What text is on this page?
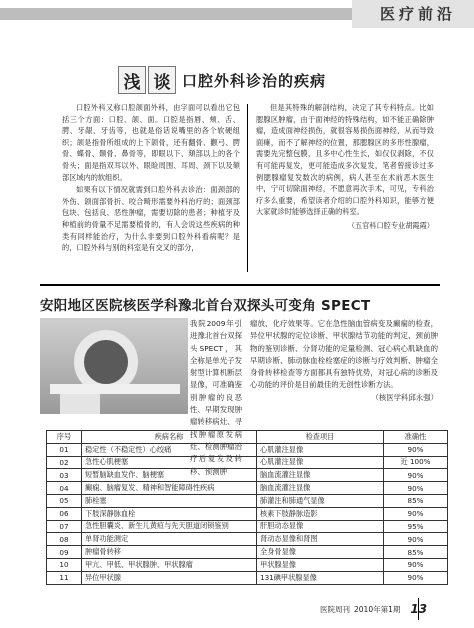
医疗前沿
浅 谈 口腔外科诊治的疾病

口腔外科又称口腔颌面外科，由字面可以看出它包括三个方面：口腔、颌、面。口腔是指唇、颊、舌、腭、牙龈、牙齿等，也就是俗话说嘴里的各个软硬组织；颌是指骨所组成的上下颌骨，还有翻骨、颧弓、腭骨、蝶骨、颞骨、鼻骨等，即眼以下、頦部以上的各个骨头；面是指双耳以外、眼睑周围、耳周、颈下以及頦部区域内的软组织。

如果有以下情况就需到口腔外科去诊治：面颈部的外伤、颌面部骨折、咬合畸形需要外科治疗的；面颈部包块、包括良、恶性肿瘤，需要切除的患者；种植牙及种植前的骨量不足需要植骨的，有人会说这些疾病的种类有同样能治疗，为什么非要到口腔外科看病呢？是的，口腔外科与别的科室是有交叉的部分，

但是其特殊的解剖结构，决定了其专科特点。比如腮腺区肿瘤，由于面神经的特殊结构，如不能正确除肿瘤，造成面神经损伤，就很容易损伤面神经，从而导致面瘫，而不了解神经的位置，那腮腺区的多形性腺瘤，需要先完整包膜，且多中心性生长，如仅仅剥除，不仅有可能再复发，更可能造成多次复发，笔者曾接诊过多例腮腺瘤复发数次的病例，病人甚至在术前恶木医生中，宁可切除面神经，不愿意再次手术，可见，专科治疗多么重要，希望读者介绍的口腔外科知识，能够方便大家就诊时能够选择正确的科室。

（五官科口腔专业胡霞霞）

安阳地区医院核医学科豫北首台双探头可变角 SPECT

我院2009年引进豫北首台双探头SPECT，其全称是单光子发射型计算机断层显像，可准确鉴别肿瘤的良恶性、早期发现肿瘤转移病灶、寻找肿瘤原发病灶、检测肿瘤治疗后复发及转移、预测肿

瘤放、化疗效果等。它在急性脑血管病变及癫痫的检查，异位甲状腺的定位诊断、甲状腺结节功能的判定、颈前肿物的鉴别诊断、分肾功能的定量检测、冠心病心肌缺血的早期诊断、肺动脉血栓栓塞症的诊断与疗效判断、肿瘤全身骨转移检查等方面都具有独特优势，对冠心病的诊断及心功能的评价是目前最佳的无创性诊断方法。

（核医学科邱永强）

序号	疾病名称	检查项目	准确性
01	稳定性（不稳定性）心绞痛	心肌灌注显像	90%
02	急性心肌梗塞	心肌灌注显像	近 100%
03	短暂脑缺血发作、脑梗塞	脑血流灌注显像	90%
04	癫痫、脑瘤复发、精神和智能障碍性疾病	脑血流灌注显像	90%
05	肺栓塞	肺灌注和肺通气显像	85%
06	下肢深静脉血栓	核素下肢静脉造影	90%
07	急性胆囊炎、新生儿黄疸与先天胆道闭锁鉴别	肝胆动态显像	95%
08	单肾功能测定	肾动态显像和肾图	90%
09	肿瘤骨转移	全身骨显像	85%
10	甲亢、甲低、甲状腺肿、甲状腺瘤	甲状腺显像	90%
11	异位甲状腺	131碘甲状腺显像	90%
医院周刊 2010年第1期 13
